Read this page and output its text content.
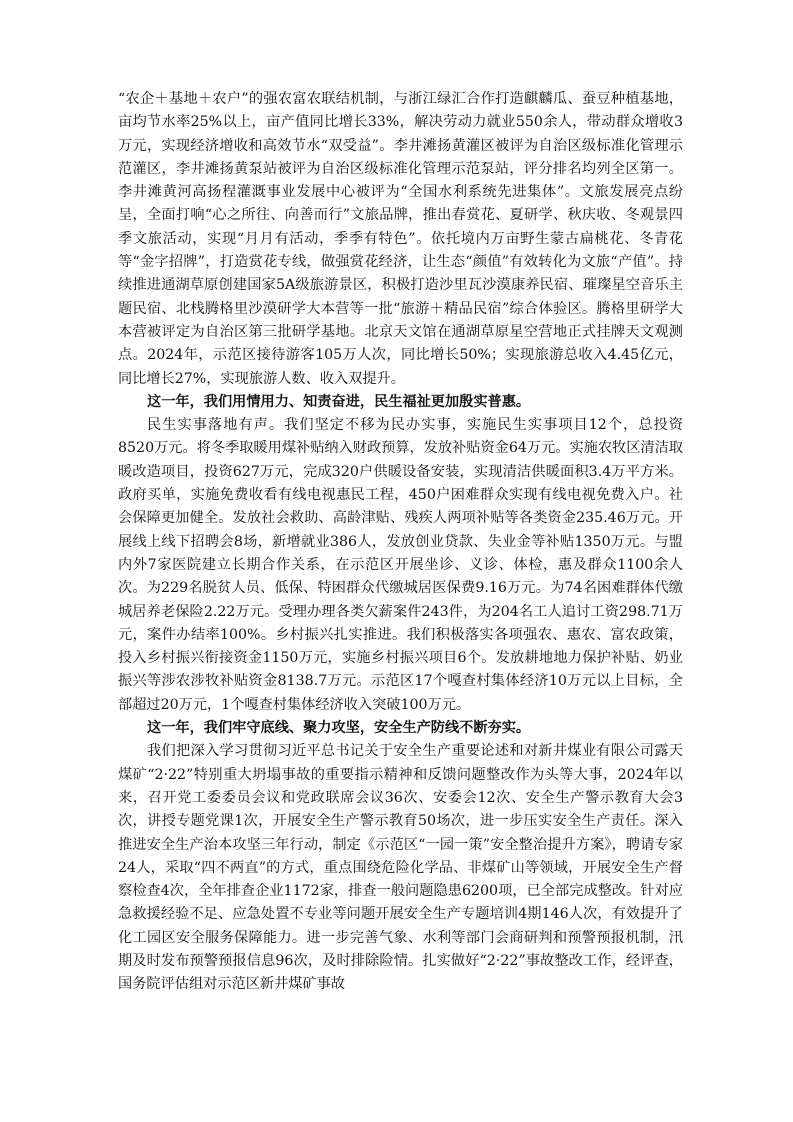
“农企＋基地＋农户”的强农富农联结机制，与浙江绿汇合作打造麒麟瓜、蚕豆种植基地，亩均节水率25%以上，亩产值同比增长33%，解决劳动力就业550余人，带动群众增收3万元，实现经济增收和高效节水“双受益”。李井滩扬黄灌区被评为自治区级标准化管理示范灌区，李井滩扬黄泵站被评为自治区级标准化管理示范泵站，评分排名均列全区第一。李井滩黄河高扬程灌溉事业发展中心被评为“全国水利系统先进集体”。文旅发展亮点纷呈，全面打响“心之所往、向善而行”文旅品牌，推出春赏花、夏研学、秋庆收、冬观景四季文旅活动，实现“月月有活动，季季有特色”。依托境内万亩野生蒙古扁桃花、冬青花等“金字招牌”，打造赏花专线，做强赏花经济，让生态“颜值”有效转化为文旅“产值”。持续推进通湖草原创建国家5A级旅游景区，积极打造沙里瓦沙漠康养民宿、璀璨星空音乐主题民宿、北栈腾格里沙漠研学大本营等一批“旅游＋精品民宿”综合体验区。腾格里研学大本营被评定为自治区第三批研学基地。北京天文馆在通湖草原星空营地正式挂牌天文观测点。2024年，示范区接待游客105万人次，同比增长50%；实现旅游总收入4.45亿元，同比增长27%，实现旅游人数、收入双提升。

这一年，我们用情用力、知责奋进，民生福祉更加殷实普惠。

民生实事落地有声。我们坚定不移为民办实事，实施民生实事项目12个，总投资8520万元。将冬季取暖用煤补贴纳入财政预算，发放补贴资金64万元。实施农牧区清洁取暖改造项目，投资627万元，完成320户供暖设备安装，实现清洁供暖面积3.4万平方米。政府买单，实施免费收看有线电视惠民工程，450户困难群众实现有线电视免费入户。社会保障更加健全。发放社会救助、高龄津贴、残疾人两项补贴等各类资金235.46万元。开展线上线下招聘会8场，新增就业386人，发放创业贷款、失业金等补贴1350万元。与盟内外7家医院建立长期合作关系，在示范区开展坐诊、义诊、体检，惠及群众1100余人次。为229名脱贫人员、低保、特困群众代缴城居医保费9.16万元。为74名困难群体代缴城居养老保险2.22万元。受理办理各类欠薪案件243件，为204名工人追讨工资298.71万元，案件办结率100%。乡村振兴扎实推进。我们积极落实各项强农、惠农、富农政策，投入乡村振兴衔接资金1150万元，实施乡村振兴项目6个。发放耕地地力保护补贴、奶业振兴等涉农涉牧补贴资金8138.7万元。示范区17个嘎查村集体经济10万元以上目标，全部超过20万元，1个嘎查村集体经济收入突破100万元。

这一年，我们牢守底线、聚力攻坚，安全生产防线不断夯实。

我们把深入学习贯彻习近平总书记关于安全生产重要论述和对新井煤业有限公司露天煤矿“2·22”特别重大坍塌事故的重要指示精神和反馈问题整改作为头等大事，2024年以来，召开党工委委员会议和党政联席会议36次、安委会12次、安全生产警示教育大会3次，讲授专题党课1次，开展安全生产警示教育50场次，进一步压实安全生产责任。深入推进安全生产治本攻坚三年行动，制定《示范区“一园一策”安全整治提升方案》，聘请专家24人，采取“四不两直”的方式，重点围绕危险化学品、非煤矿山等领域，开展安全生产督察检查4次，全年排查企业1172家，排查一般问题隐患6200项，已全部完成整改。针对应急救援经验不足、应急处置不专业等问题开展安全生产专题培训4期146人次，有效提升了化工园区安全服务保障能力。进一步完善气象、水利等部门会商研判和预警预报机制，汛期及时发布预警预报信息96次，及时排除险情。扎实做好“2·22”事故整改工作，经评查，国务院评估组对示范区新井煤矿事故
